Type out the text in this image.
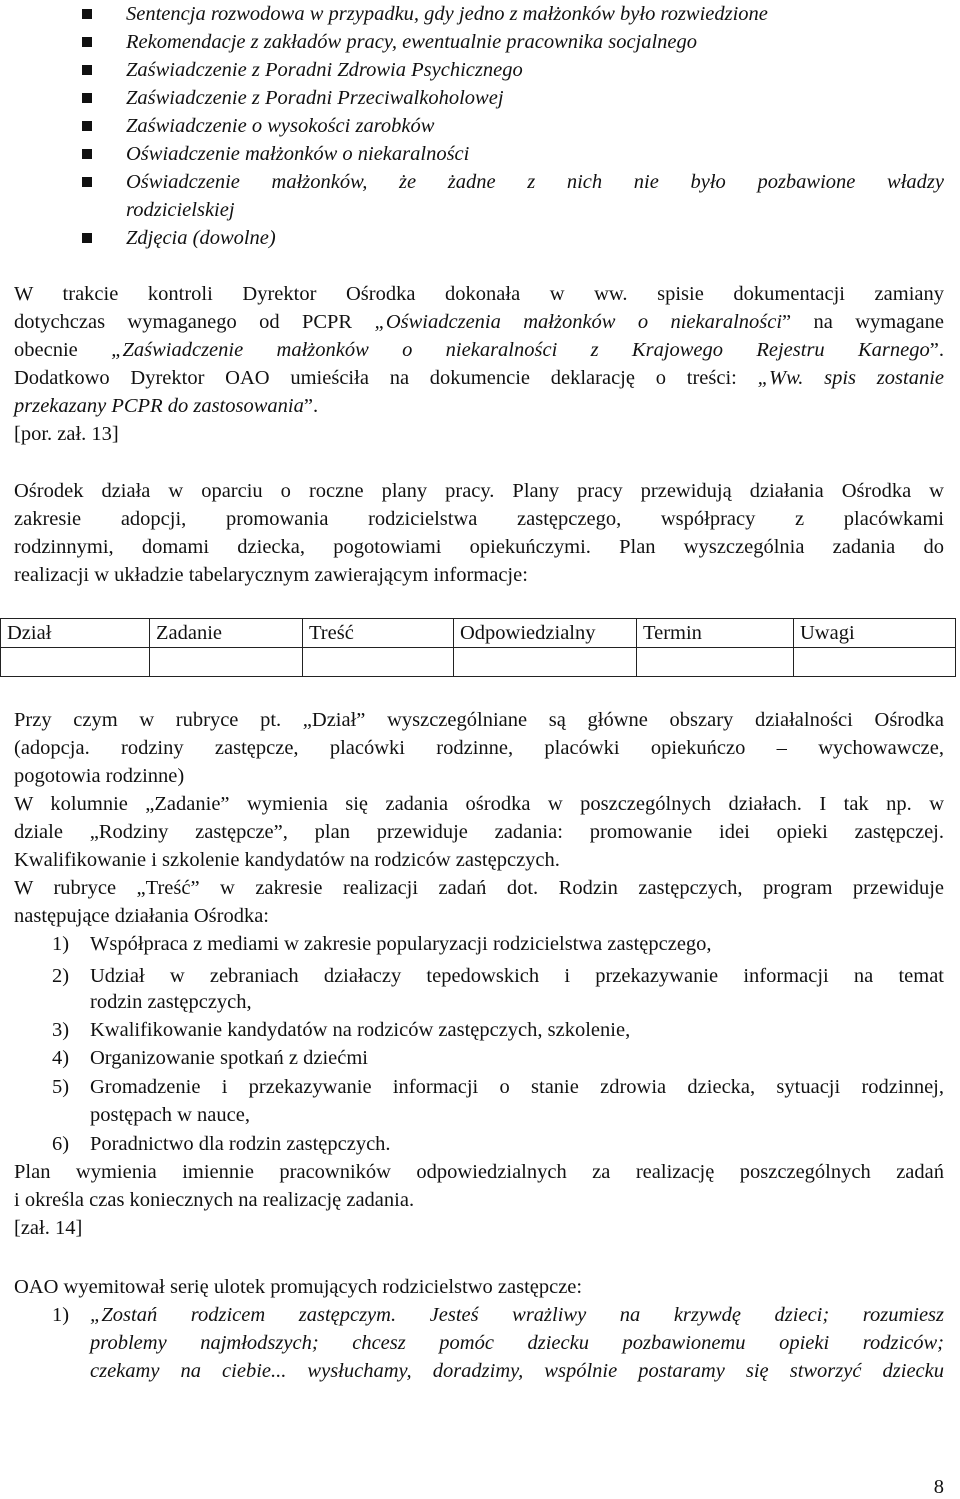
Sentencja rozwodowa w przypadku, gdy jedno z małżonków było rozwiedzione
Rekomendacje z zakładów pracy, ewentualnie pracownika socjalnego
Zaświadczenie z Poradni Zdrowia Psychicznego
Zaświadczenie z Poradni Przeciwalkoholowej
Zaświadczenie o wysokości zarobków
Oświadczenie małżonków o niekaralności
Oświadczenie małżonków, że żadne z nich nie było pozbawione władzy
rodzicielskiej
Zdjęcia (dowolne)
W trakcie kontroli Dyrektor Ośrodka dokonała w ww. spisie dokumentacji zamiany
dotychczas wymaganego od PCPR „Oświadczenia małżonków o niekaralności” na wymagane
obecnie „Zaświadczenie małżonków o niekaralności z Krajowego Rejestru Karnego”.
Dodatkowo Dyrektor OAO umieściła na dokumencie deklarację o treści: „Ww. spis zostanie
przekazany PCPR do zastosowania”.
[por. zał. 13]
Ośrodek działa w oparciu o roczne plany pracy. Plany pracy przewidują działania Ośrodka w
zakresie adopcji, promowania rodzicielstwa zastępczego, współpracy z placówkami
rodzinnymi, domami dziecka, pogotowiami opiekuńczymi. Plan wyszczególnia zadania do
realizacji w układzie tabelarycznym zawierającym informacje:
Dział	Zadanie	Treść	Odpowiedzialny	Termin	Uwagi

Przy czym w rubryce pt. „Dział” wyszczególniane są główne obszary działalności Ośrodka
(adopcja. rodziny zastępcze, placówki rodzinne, placówki opiekuńczo – wychowawcze,
pogotowia rodzinne)
W kolumnie „Zadanie” wymienia się zadania ośrodka w poszczególnych działach. I tak np. w
dziale „Rodziny zastępcze”, plan przewiduje zadania: promowanie idei opieki zastępczej.
Kwalifikowanie i szkolenie kandydatów na rodziców zastępczych.
W rubryce „Treść” w zakresie realizacji zadań dot. Rodzin zastępczych, program przewiduje
następujące działania Ośrodka:
1) Współpraca z mediami w zakresie popularyzacji rodzicielstwa zastępczego,
2) Udział w zebraniach działaczy tepedowskich i przekazywanie informacji na temat
rodzin zastępczych,
3) Kwalifikowanie kandydatów na rodziców zastępczych, szkolenie,
4) Organizowanie spotkań z dziećmi
5) Gromadzenie i przekazywanie informacji o stanie zdrowia dziecka, sytuacji rodzinnej,
postępach w nauce,
6) Poradnictwo dla rodzin zastępczych.
Plan wymienia imiennie pracowników odpowiedzialnych za realizację poszczególnych zadań
i określa czas koniecznych na realizację zadania.
[zał. 14]
OAO wyemitował serię ulotek promujących rodzicielstwo zastępcze:
1) „Zostań rodzicem zastępczym. Jesteś wrażliwy na krzywdę dzieci; rozumiesz
problemy najmłodszych; chcesz pomóc dziecku pozbawionemu opieki rodziców;
czekamy na ciebie... wysłuchamy, doradzimy, wspólnie postaramy się stworzyć dziecku
8
